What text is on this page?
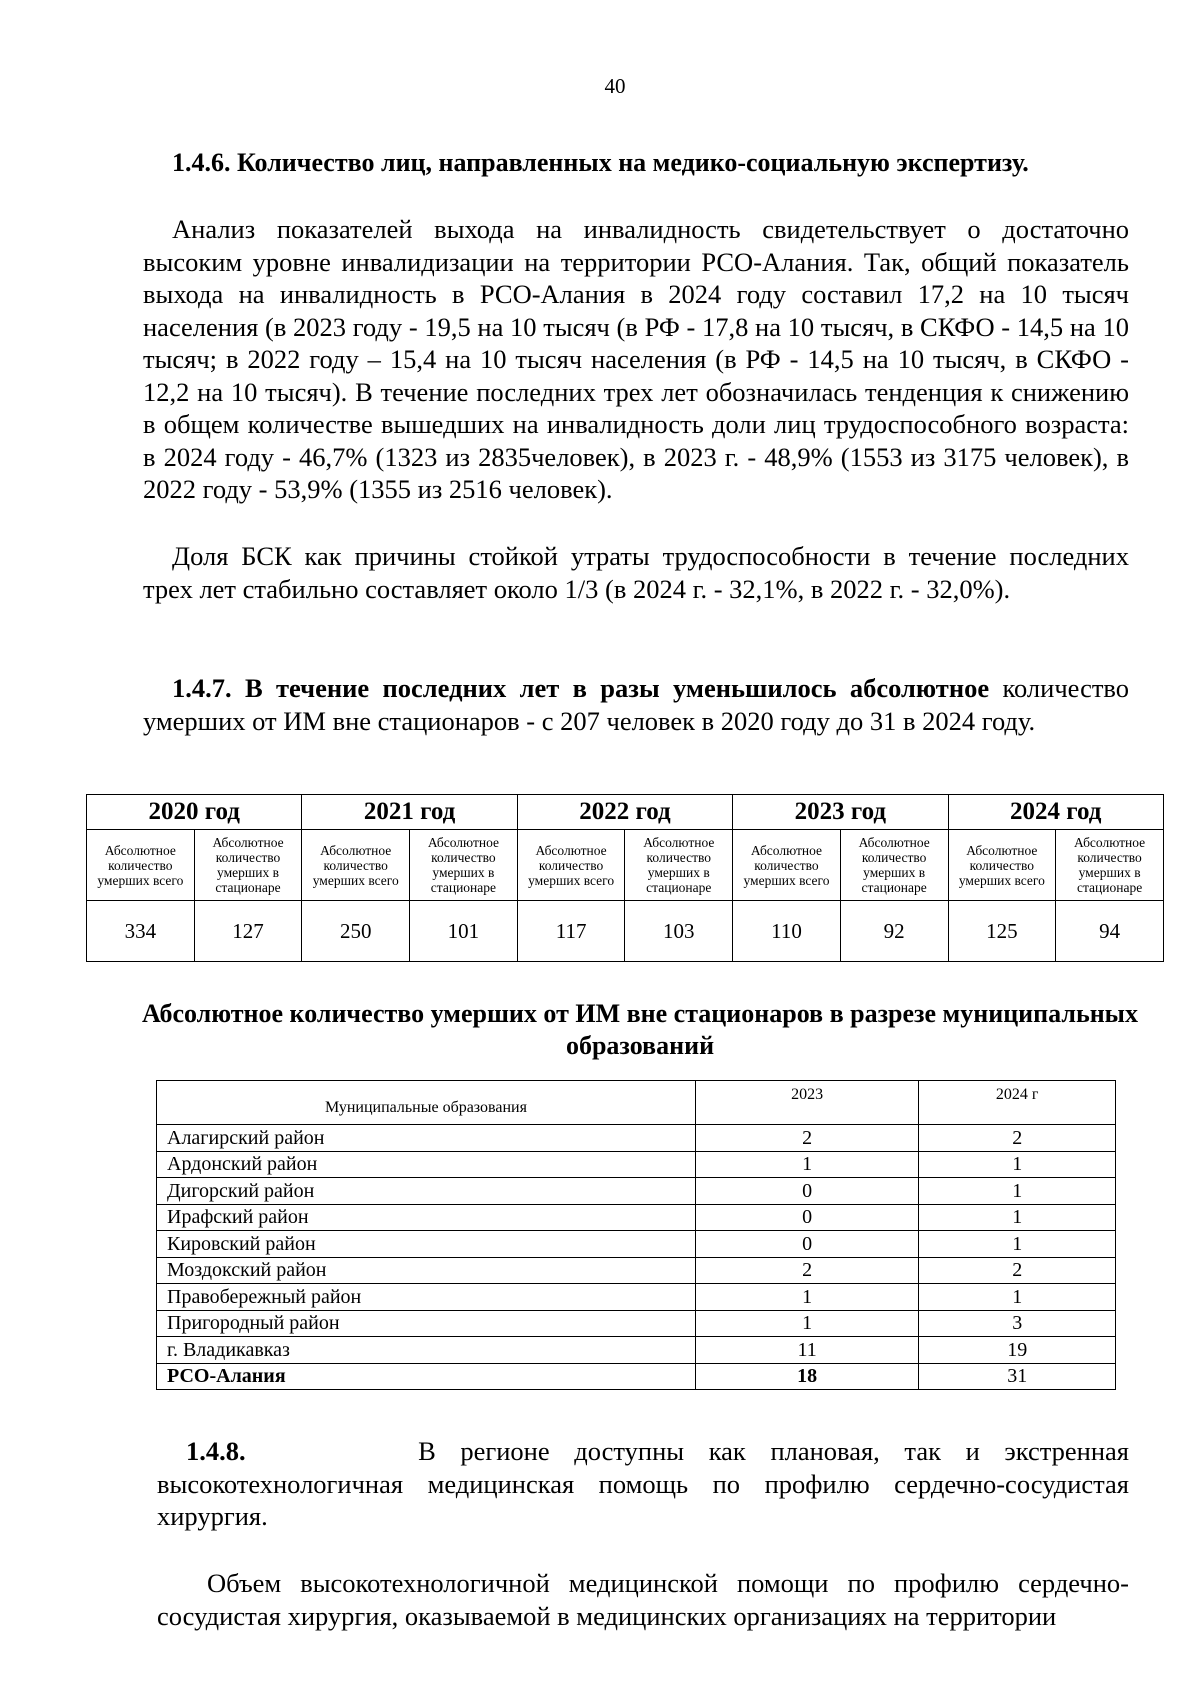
40
1.4.6. Количество лиц, направленных на медико-социальную экспертизу.

Анализ показателей выхода на инвалидность свидетельствует о достаточно высоким уровне инвалидизации на территории РСО-Алания. Так, общий показатель выхода на инвалидность в РСО-Алания в 2024 году составил 17,2 на 10 тысяч населения (в 2023 году - 19,5 на 10 тысяч (в РФ - 17,8 на 10 тысяч, в СКФО - 14,5 на 10 тысяч; в 2022 году – 15,4 на 10 тысяч населения (в РФ - 14,5 на 10 тысяч, в СКФО - 12,2 на 10 тысяч). В течение последних трех лет обозначилась тенденция к снижению в общем количестве вышедших на инвалидность доли лиц трудоспособного возраста: в 2024 году - 46,7% (1323 из 2835человек), в 2023 г. - 48,9% (1553 из 3175 человек), в 2022 году - 53,9% (1355 из 2516 человек).

Доля БСК как причины стойкой утраты трудоспособности в течение последних трех лет стабильно составляет около 1/3 (в 2024 г. - 32,1%, в 2022 г. - 32,0%).

1.4.7. В течение последних лет в разы уменьшилось абсолютное количество умерших от ИМ вне стационаров - с 207 человек в 2020 году до 31 в 2024 году.

2020 год		2021 год		2022 год		2023 год		2024 год	
Абсолютное количество умерших всего	Абсолютное количество умерших в стационаре	Абсолютное количество умерших всего	Абсолютное количество умерших в стационаре	Абсолютное количество умерших всего	Абсолютное количество умерших в стационаре	Абсолютное количество умерших всего	Абсолютное количество умерших в стационаре	Абсолютное количество умерших всего	Абсолютное количество умерших в стационаре
334	127	250	101	117	103	110	92	125	94
Абсолютное количество умерших от ИМ вне стационаров в разрезе муниципальных образований
Муниципальные образования	2023	2024 г
Алагирский район	2	2
Ардонский район	1	1
Дигорский район	0	1
Ирафский район	0	1
Кировский район	0	1
Моздокский район	2	2
Правобережный район	1	1
Пригородный район	1	3
г. Владикавказ	11	19
РСО-Алания	18	31

1.4.8.	В регионе доступны как плановая, так и экстренная
высокотехнологичная медицинская помощь по профилю сердечно-сосудистая хирургия.

Объем высокотехнологичной медицинской помощи по профилю сердечно-сосудистая хирургия, оказываемой в медицинских организациях на территории
